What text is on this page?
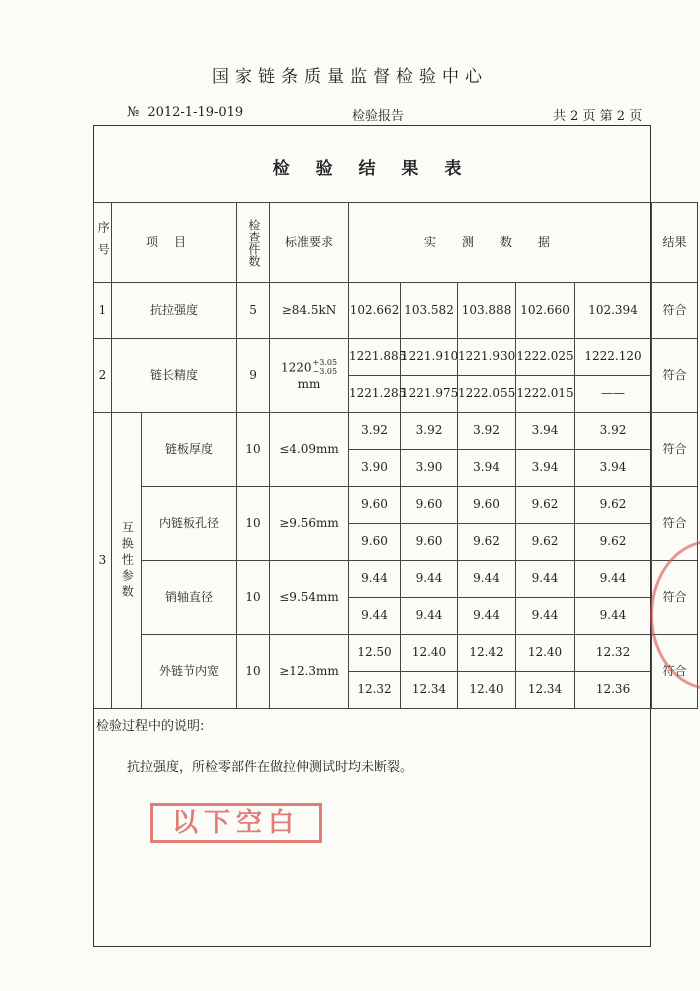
国家链条质量监督检验中心
№ 2012-1-19-019	检验报告	共 2 页 第 2 页
检 验 结 果 表
序号	项目		检查件数	标准要求	实测数据					结果
1	抗拉强度		5	≥84.5kN	102.662	103.582	103.888	102.660	102.394	符合
2	链长精度		9	1220+3.05
−3.05
mm	1221.885	1221.910	1221.930	1222.025	1222.120	符合
					1221.285	1221.975	1222.055	1222.015	——	
3	互换性参数	链板厚度	10	≤4.09mm	3.92	3.92	3.92	3.94	3.92	符合
					3.90	3.90	3.94	3.94	3.94	
		内链板孔径	10	≥9.56mm	9.60	9.60	9.60	9.62	9.62	符合
					9.60	9.60	9.62	9.62	9.62	
		销轴直径	10	≤9.54mm	9.44	9.44	9.44	9.44	9.44	符合
					9.44	9.44	9.44	9.44	9.44	
		外链节内宽	10	≥12.3mm	12.50	12.40	12.42	12.40	12.32	符合
					12.32	12.34	12.40	12.34	12.36	
检验过程中的说明:
抗拉强度，所检零部件在做拉伸测试时均未断裂。
以下空白
